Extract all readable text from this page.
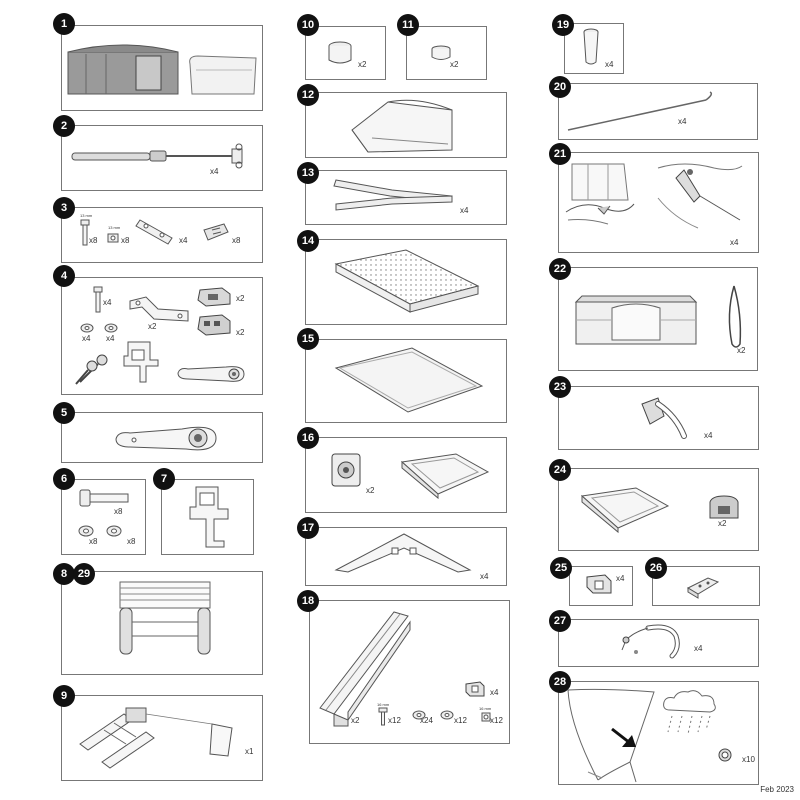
1
2
x4
3
13 mm
x8
13 mm
x8	x4	x8
4
x4
x2
x2
x2
x4 x4
5
6
x8
x8	x8
7
8 29
9
x1
10
x2
11
x2
12
13
x4
14
15
16
x2
17
x4
18
x2
16 mm
x12 x24	x12
16 mm
x12
x4
19
x4
20
x4
21
x4
22
x2
23
x4
24
x2
25
x4
26
27
x4
28
x10
Feb 2023
